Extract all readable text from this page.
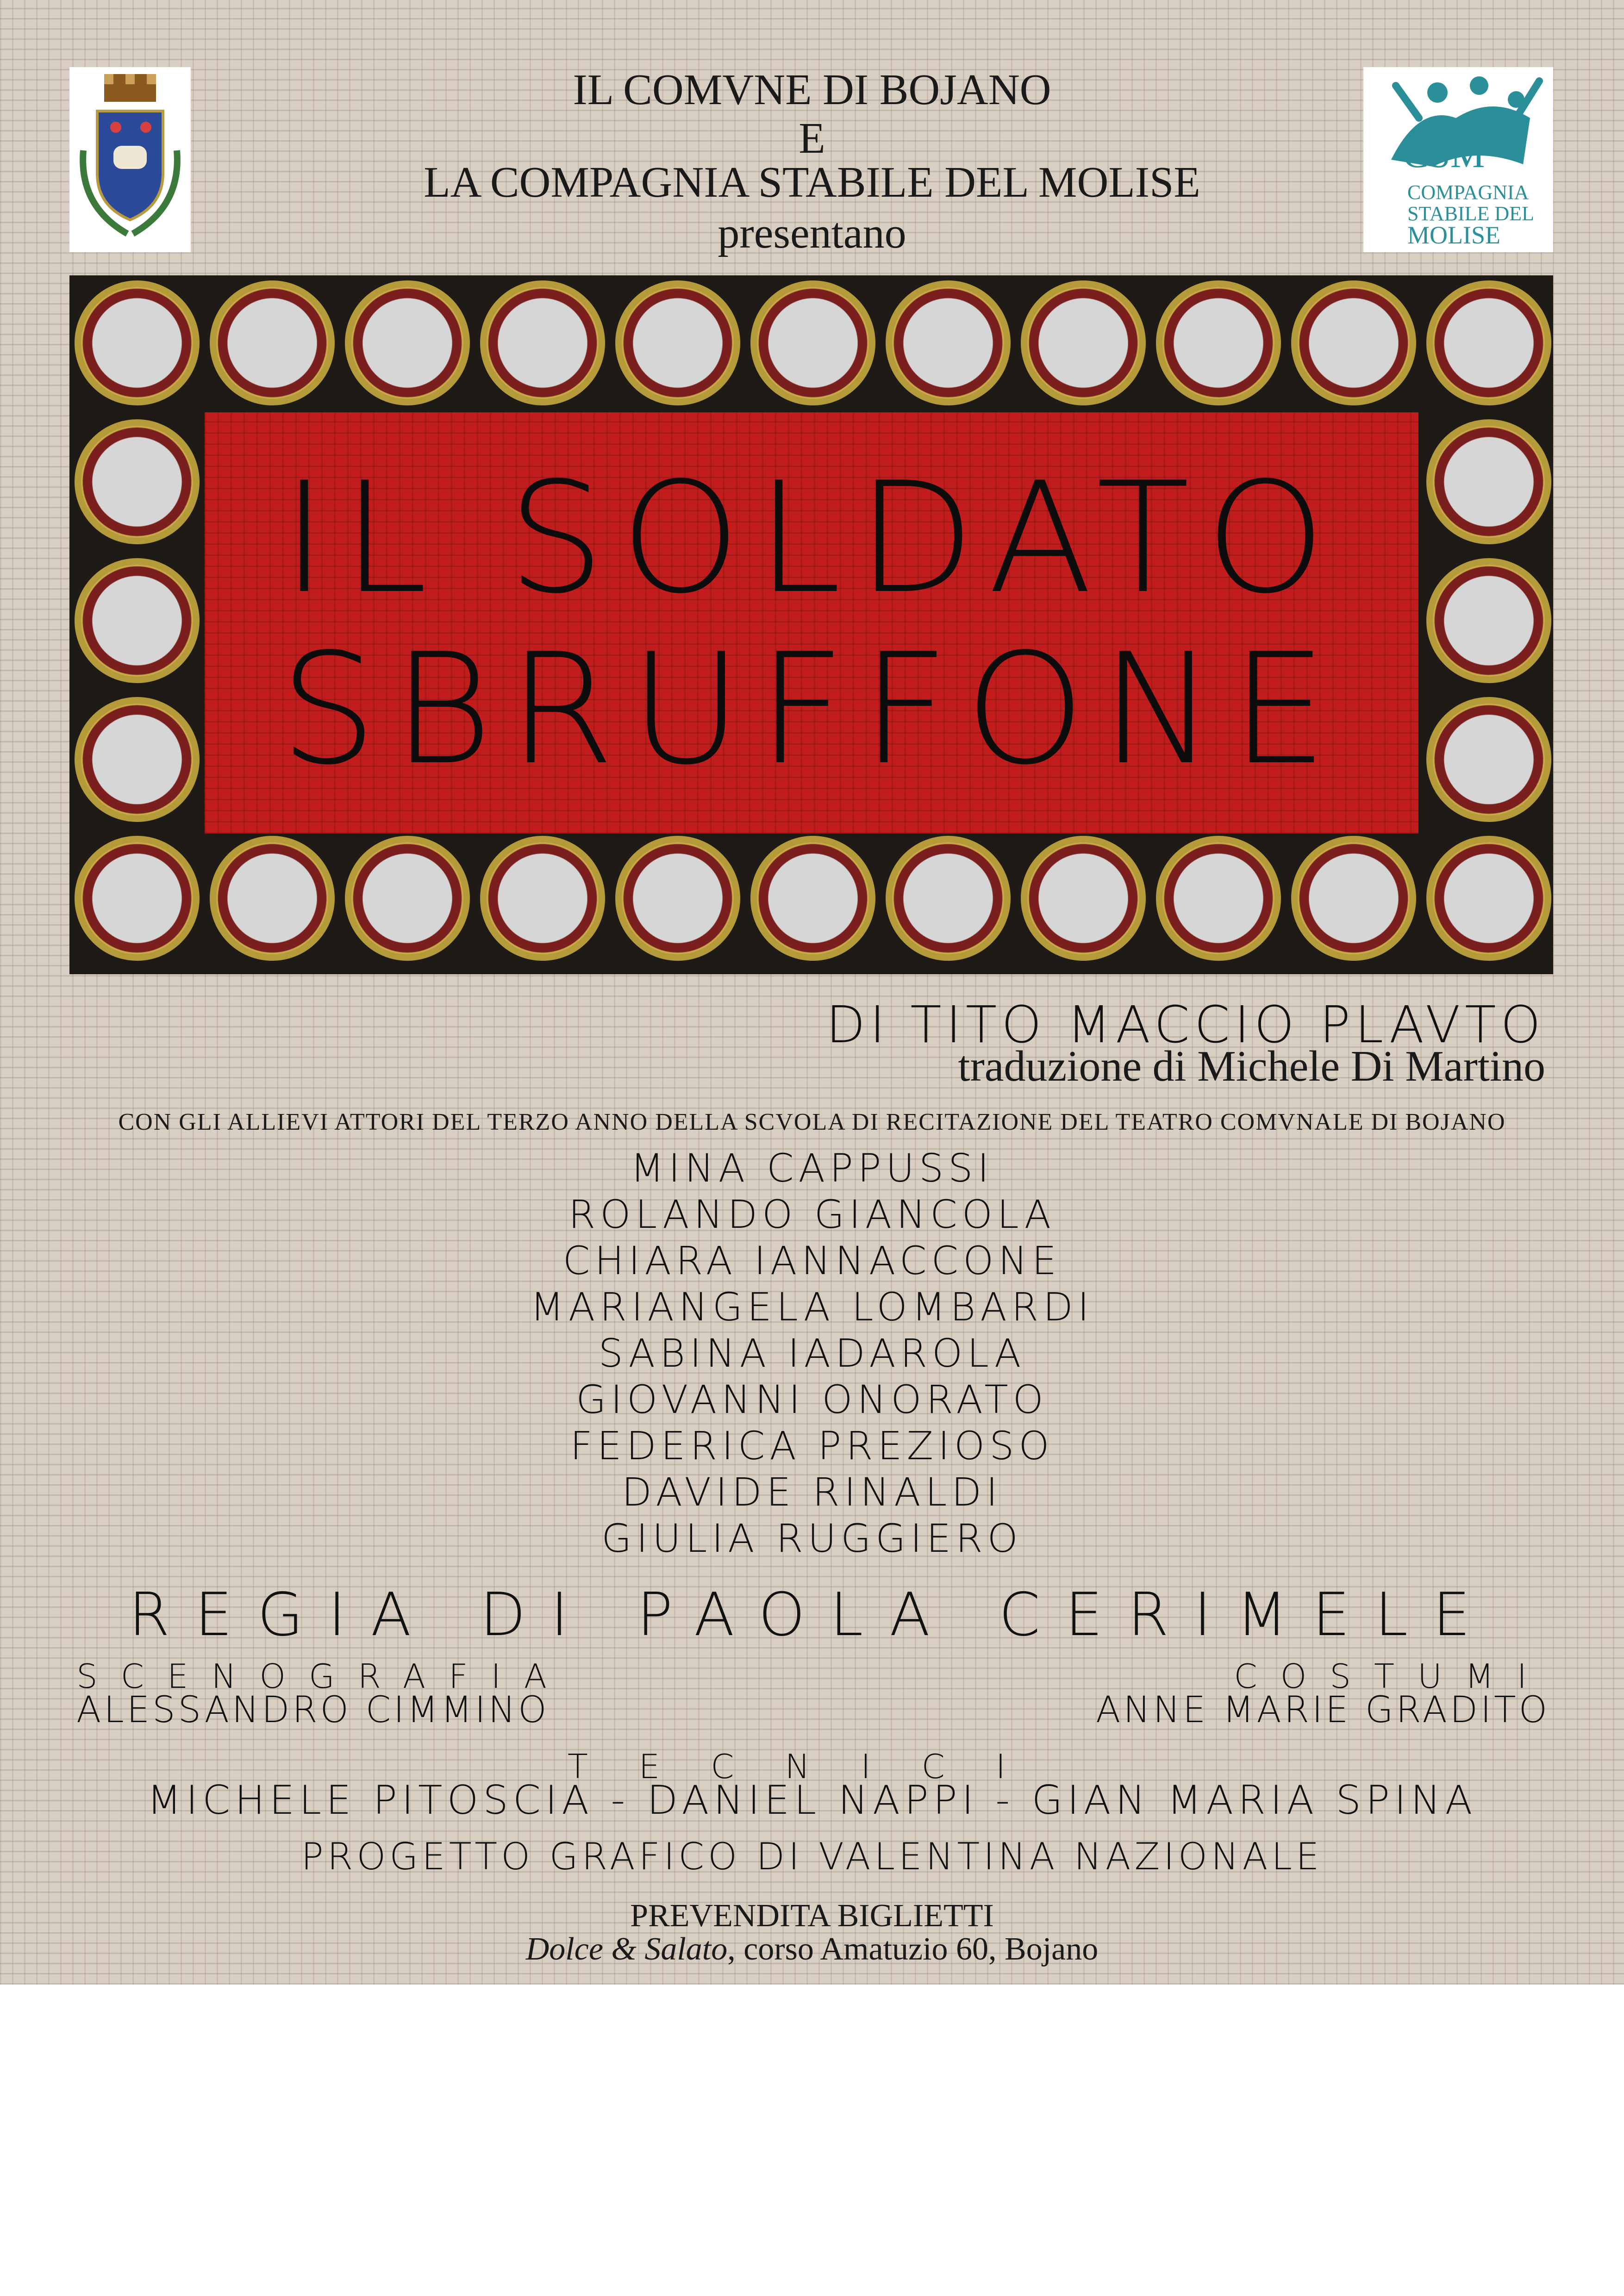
CSM
COMPAGNIA
STABILE DEL
MOLISE
IL COMVNE DI BOJANO
E
LA COMPAGNIA STABILE DEL MOLISE
presentano
IL SOLDATO
SBRUFFONE
DI TITO MACCIO PLAVTO
traduzione di Michele Di Martino
CON GLI ALLIEVI ATTORI DEL TERZO ANNO DELLA SCVOLA DI RECITAZIONE DEL TEATRO COMVNALE DI BOJANO
MINA CAPPUSSI
ROLANDO GIANCOLA
CHIARA IANNACCONE
MARIANGELA LOMBARDI
SABINA IADAROLA
GIOVANNI ONORATO
FEDERICA PREZIOSO
DAVIDE RINALDI
GIULIA RUGGIERO
REGIA DI PAOLA CERIMELE
SCENOGRAFIA
ALESSANDRO CIMMINO
COSTUMI
ANNE MARIE GRADITO
TECNICI
MICHELE PITOSCIA - DANIEL NAPPI - GIAN MARIA SPINA
PROGETTO GRAFICO DI VALENTINA NAZIONALE
PREVENDITA BIGLIETTI
Dolce & Salato, corso Amatuzio 60, Bojano
